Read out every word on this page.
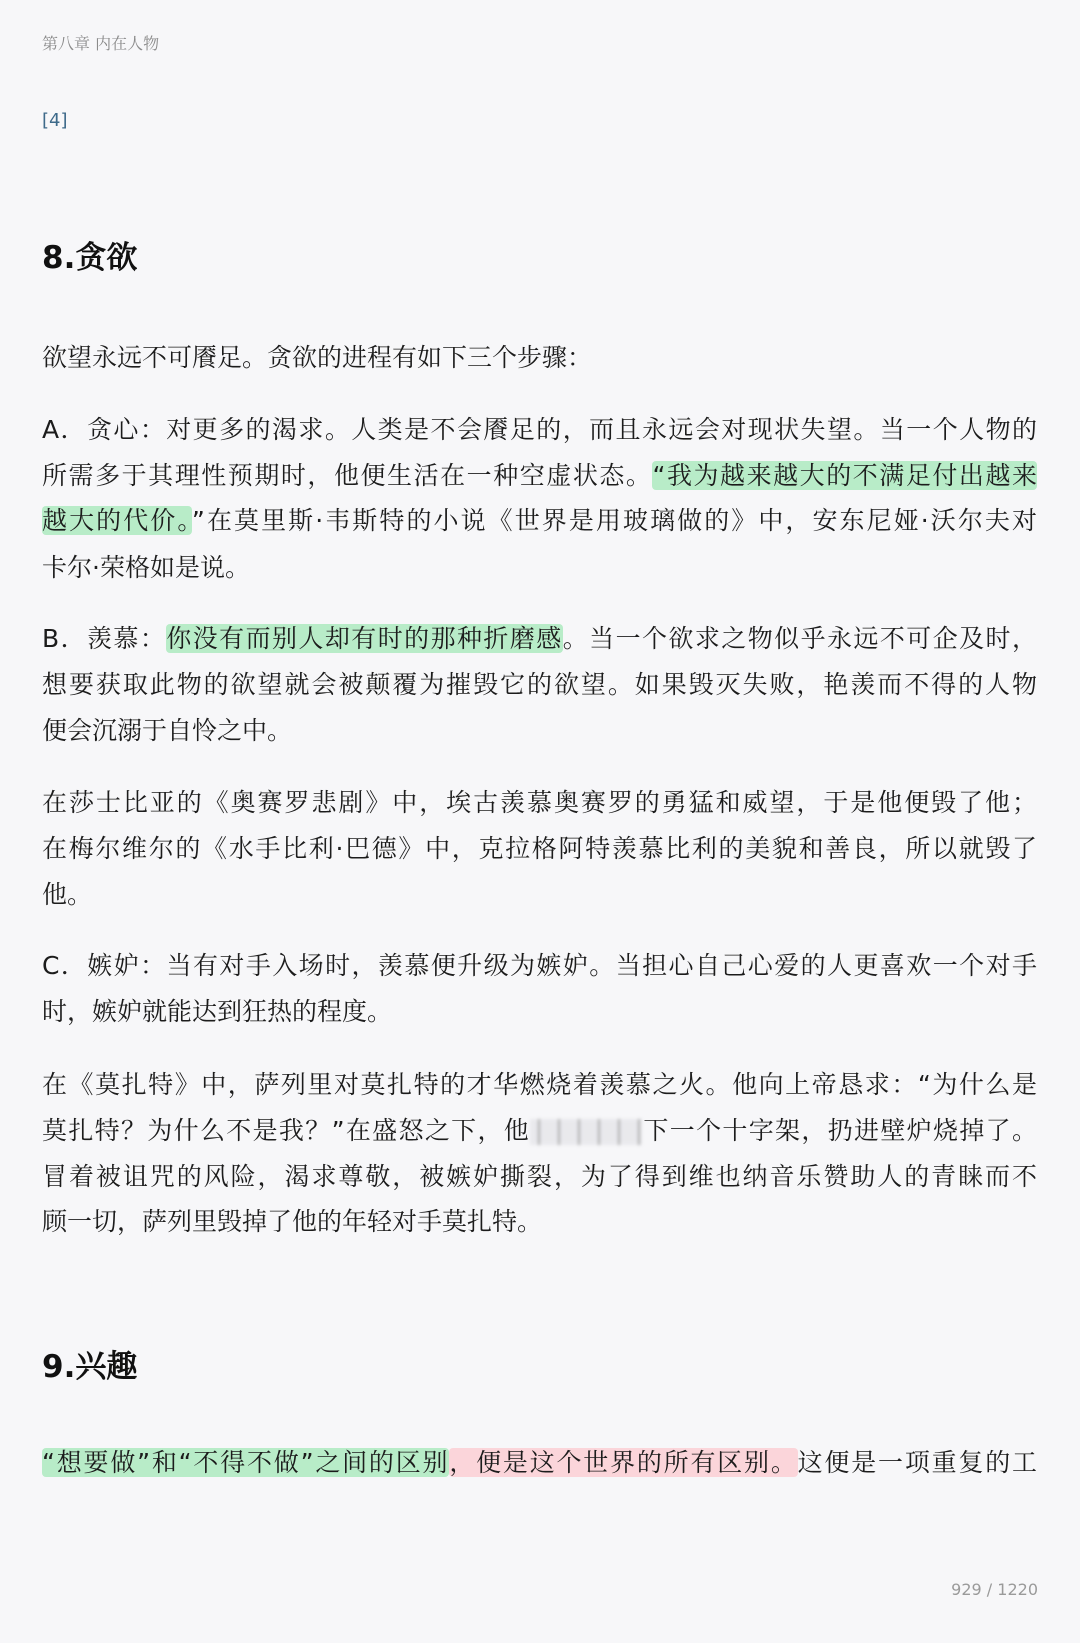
第八章 内在人物
[4]
8.贪欲
9.兴趣
欲望永远不可餍足。贪欲的进程有如下三个步骤：
A．贪心：对更多的渴求。人类是不会餍足的，而且永远会对现状失望。当一个人物的
所需多于其理性预期时，他便生活在一种空虚状态。“我为越来越大的不满足付出越来
越大的代价。”在莫里斯·韦斯特的小说《世界是用玻璃做的》中，安东尼娅·沃尔夫对
卡尔·荣格如是说。
B．羡慕：你没有而别人却有时的那种折磨感。当一个欲求之物似乎永远不可企及时，
想要获取此物的欲望就会被颠覆为摧毁它的欲望。如果毁灭失败，艳羡而不得的人物
便会沉溺于自怜之中。
在莎士比亚的《奥赛罗悲剧》中，埃古羡慕奥赛罗的勇猛和威望，于是他便毁了他；
在梅尔维尔的《水手比利·巴德》中，克拉格阿特羡慕比利的美貌和善良，所以就毁了
他。
C．嫉妒：当有对手入场时，羡慕便升级为嫉妒。当担心自己心爱的人更喜欢一个对手
时，嫉妒就能达到狂热的程度。
在《莫扎特》中，萨列里对莫扎特的才华燃烧着羡慕之火。他向上帝恳求：“为什么是
莫扎特？为什么不是我？”在盛怒之下，他	下一个十字架，扔进壁炉烧掉了。
冒着被诅咒的风险，渴求尊敬，被嫉妒撕裂，为了得到维也纳音乐赞助人的青睐而不
顾一切，萨列里毁掉了他的年轻对手莫扎特。
“想要做”和“不得不做”之间的区别，便是这个世界的所有区别。这便是一项重复的工
929 / 1220
